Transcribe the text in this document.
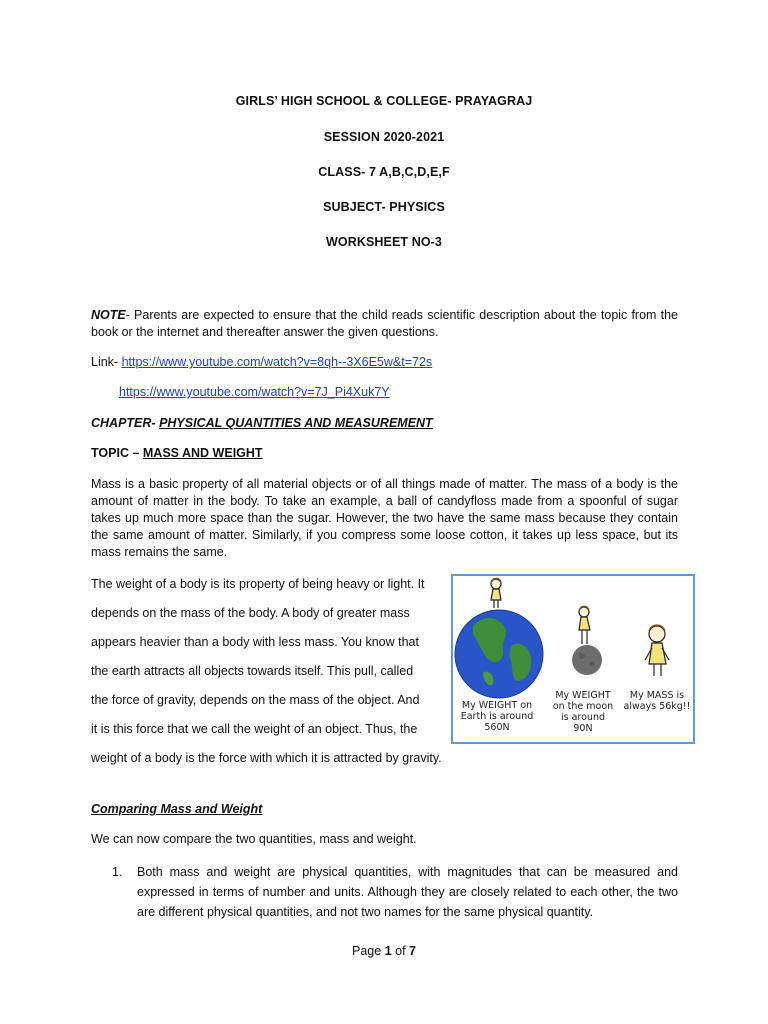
GIRLS’ HIGH SCHOOL & COLLEGE- PRAYAGRAJ
SESSION 2020-2021
CLASS- 7 A,B,C,D,E,F
SUBJECT- PHYSICS
WORKSHEET NO-3

NOTE- Parents are expected to ensure that the child reads scientific description about the topic from the book or the internet and thereafter answer the given questions.

Link- https://www.youtube.com/watch?v=8qh--3X6E5w&t=72s
https://www.youtube.com/watch?v=7J_Pi4Xuk7Y
CHAPTER- PHYSICAL QUANTITIES AND MEASUREMENT
TOPIC – MASS AND WEIGHT

Mass is a basic property of all material objects or of all things made of matter. The mass of a body is the amount of matter in the body. To take an example, a ball of candyfloss made from a spoonful of sugar takes up much more space than the sugar. However, the two have the same mass because they contain the same amount of matter. Similarly, if you compress some loose cotton, it takes up less space, but its mass remains the same.

The weight of a body is its property of being heavy or light. It
depends on the mass of the body. A body of greater mass
appears heavier than a body with less mass. You know that
the earth attracts all objects towards itself. This pull, called
the force of gravity, depends on the mass of the object. And
it is this force that we call the weight of an object. Thus, the
weight of a body is the force with which it is attracted by gravity.
My WEIGHT on
Earth is around
560N
My WEIGHT
on the moon
is around
90N
My MASS is
always 56kg!!
Comparing Mass and Weight
We can now compare the two quantities, mass and weight.
1. Both mass and weight are physical quantities, with magnitudes that can be measured and expressed in terms of number and units. Although they are closely related to each other, the two are different physical quantities, and not two names for the same physical quantity.
Page 1 of 7
